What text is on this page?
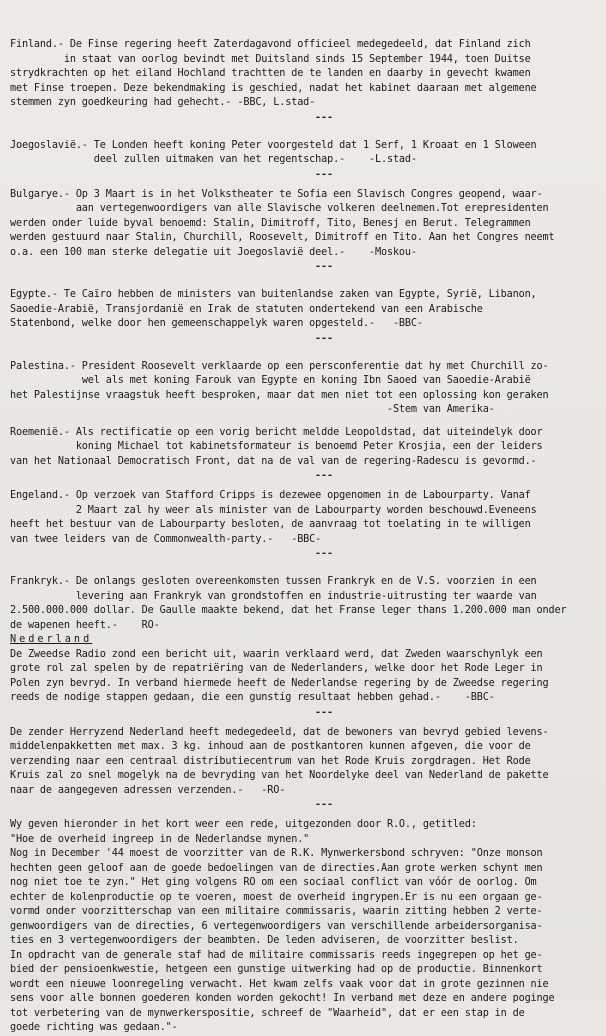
Finland.- De Finse regering heeft Zaterdagavond officieel medegedeeld, dat Finland zich
in staat van oorlog bevindt met Duitsland sinds 15 September 1944, toen Duitse
strydkrachten op het eiland Hochland trachtten de te landen en daarby in gevecht kwamen
met Finse troepen. Deze bekendmaking is geschied, nadat het kabinet daaraan met algemene
stemmen zyn goedkeuring had gehecht.- -BBC, L.stad-

---

Joegoslavië.- Te Londen heeft koning Peter voorgesteld dat 1 Serf, 1 Kroaat en 1 Sloween
deel zullen uitmaken van het regentschap.-    -L.stad-

---

Bulgarye.- Op 3 Maart is in het Volkstheater te Sofia een Slavisch Congres geopend, waar-
aan vertegenwoordigers van alle Slavische volkeren deelnemen.Tot erepresidenten
werden onder luide byval benoemd: Stalin, Dimitroff, Tito, Benesj en Berut. Telegrammen
werden gestuurd naar Stalin, Churchill, Roosevelt, Dimitroff en Tito. Aan het Congres neemt
o.a. een 100 man sterke delegatie uit Joegoslavië deel.-    -Moskou-

---

Egypte.- Te Caïro hebben de ministers van buitenlandse zaken van Egypte, Syrië, Libanon,
Saoedie-Arabië, Transjordanië en Irak de statuten ondertekend van een Arabische
Statenbond, welke door hen gemeenschappelyk waren opgesteld.-   -BBC-

---

Palestina.- President Roosevelt verklaarde op een persconferentie dat hy met Churchill zo-
wel als met koning Farouk van Egypte en koning Ibn Saoed van Saoedie-Arabië
het Palestijnse vraagstuk heeft besproken, maar dat men niet tot een oplossing kon geraken
-Stem van Amerika-

Roemenië.- Als rectificatie op een vorig bericht meldde Leopoldstad, dat uiteindelyk door
koning Michael tot kabinetsformateur is benoemd Peter Krosjia, een der leiders
van het Nationaal Democratisch Front, dat na de val van de regering-Radescu is gevormd.-

---

Engeland.- Op verzoek van Stafford Cripps is dezewee opgenomen in de Labourparty. Vanaf
2 Maart zal hy weer als minister van de Labourparty worden beschouwd.Eveneens
heeft het bestuur van de Labourparty besloten, de aanvraag tot toelating in te willigen
van twee leiders van de Commonwealth-party.-   -BBC-

---

Frankryk.- De onlangs gesloten overeenkomsten tussen Frankryk en de V.S. voorzien in een
levering aan Frankryk van grondstoffen en industrie-uitrusting ter waarde van
2.500.000.000 dollar. De Gaulle maakte bekend, dat het Franse leger thans 1.200.000 man onder
de wapenen heeft.-    RO-

Nederland

De Zweedse Radio zond een bericht uit, waarin verklaard werd, dat Zweden waarschynlyk een
grote rol zal spelen by de repatriëring van de Nederlanders, welke door het Rode Leger in
Polen zyn bevryd. In verband hiermede heeft de Nederlandse regering by de Zweedse regering
reeds de nodige stappen gedaan, die een gunstig resultaat hebben gehad.-    -BBC-

---

De zender Herryzend Nederland heeft medegedeeld, dat de bewoners van bevryd gebied levens-
middelenpakketten met max. 3 kg. inhoud aan de postkantoren kunnen afgeven, die voor de
verzending naar een centraal distributiecentrum van het Rode Kruis zorgdragen. Het Rode
Kruis zal zo snel mogelyk na de bevryding van het Noordelyke deel van Nederland de pakette
naar de aangegeven adressen verzenden.-   -RO-

---

Wy geven hieronder in het kort weer een rede, uitgezonden door R.O., getitled:
"Hoe de overheid ingreep in de Nederlandse mynen."
Nog in December '44 moest de voorzitter van de R.K. Mynwerkersbond schryven: "Onze monson
hechten geen geloof aan de goede bedoelingen van de directies.Aan grote werken schynt men
nog niet toe te zyn." Het ging volgens RO om een sociaal conflict van vóór de oorlog. Om
echter de kolenproductie op te voeren, moest de overheid ingrypen.Er is nu een orgaan ge-
vormd onder voorzitterschap van een militaire commissaris, waarin zitting hebben 2 verte-
genwoordigers van de directies, 6 vertegenwoordigers van verschillende arbeidersorganisa-
ties en 3 vertegenwoordigers der beambten. De leden adviseren, de voorzitter beslist.
In opdracht van de generale staf had de militaire commissaris reeds ingegrepen op het ge-
bied der pensioenkwestie, hetgeen een gunstige uitwerking had op de productie. Binnenkort
wordt een nieuwe loonregeling verwacht. Het kwam zelfs vaak voor dat in grote gezinnen nie
sens voor alle bonnen goederen konden worden gekocht! In verband met deze en andere poginge
tot verbetering van de mynwerkerspositie, schreef de "Waarheid", dat er een stap in de
goede richting was gedaan."-
